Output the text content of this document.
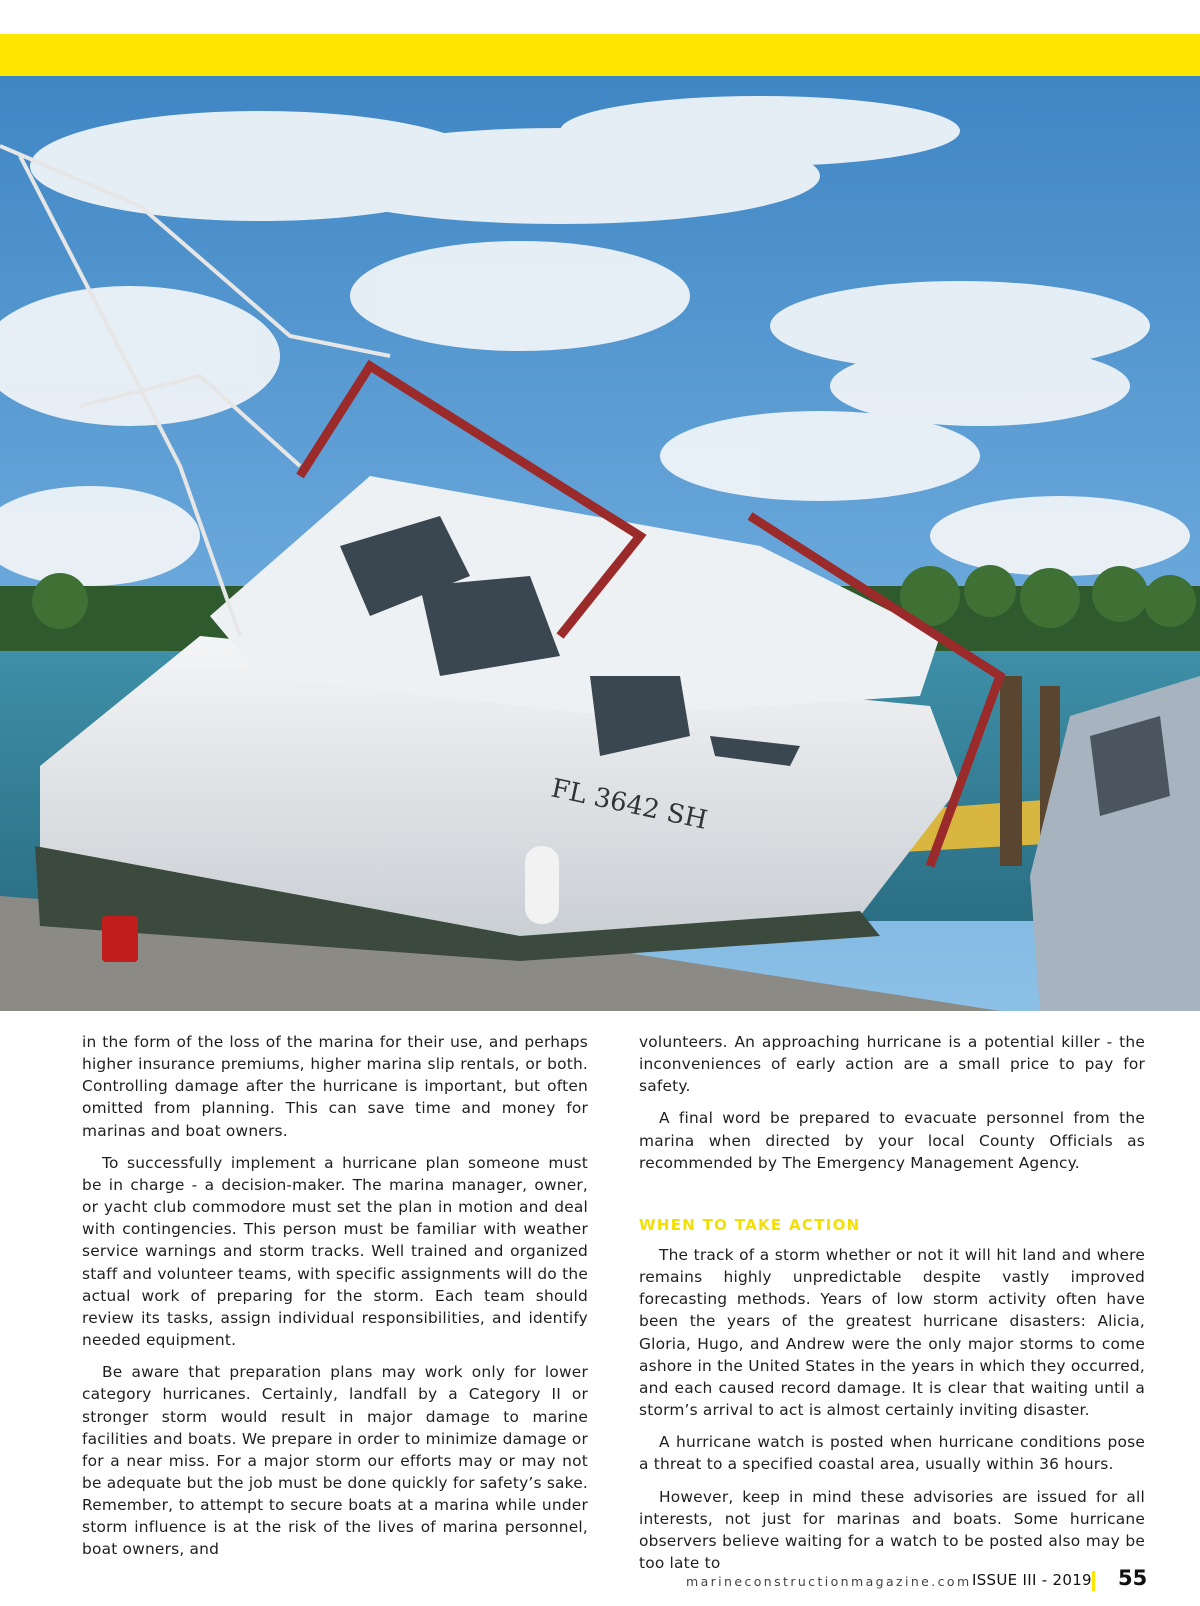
FL 3642 SH

in the form of the loss of the marina for their use, and perhaps higher insurance premiums, higher marina slip rentals, or both. Controlling damage after the hurricane is important, but often omitted from planning. This can save time and money for marinas and boat owners.

To successfully implement a hurricane plan someone must be in charge - a decision-maker. The marina manager, owner, or yacht club commodore must set the plan in motion and deal with contingencies. This person must be familiar with weather service warnings and storm tracks. Well trained and organized staff and volunteer teams, with specific assignments will do the actual work of preparing for the storm. Each team should review its tasks, assign individual responsibilities, and identify needed equipment.

Be aware that preparation plans may work only for lower category hurricanes. Certainly, landfall by a Category II or stronger storm would result in major damage to marine facilities and boats. We prepare in order to minimize damage or for a near miss. For a major storm our efforts may or may not be adequate but the job must be done quickly for safety’s sake. Remember, to attempt to secure boats at a marina while under storm influence is at the risk of the lives of marina personnel, boat owners, and

volunteers. An approaching hurricane is a potential killer - the inconveniences of early action are a small price to pay for safety.

A final word be prepared to evacuate personnel from the marina when directed by your local County Officials as recommended by The Emergency Management Agency.

WHEN TO TAKE ACTION

The track of a storm whether or not it will hit land and where remains highly unpredictable despite vastly improved forecasting methods. Years of low storm activity often have been the years of the greatest hurricane disasters: Alicia, Gloria, Hugo, and Andrew were the only major storms to come ashore in the United States in the years in which they occurred, and each caused record damage. It is clear that waiting until a storm’s arrival to act is almost certainly inviting disaster.

A hurricane watch is posted when hurricane conditions pose a threat to a specified coastal area, usually within 36 hours.

However, keep in mind these advisories are issued for all interests, not just for marinas and boats. Some hurricane observers believe waiting for a watch to be posted also may be too late to

marineconstructionmagazine.com ISSUE III - 2019 55
